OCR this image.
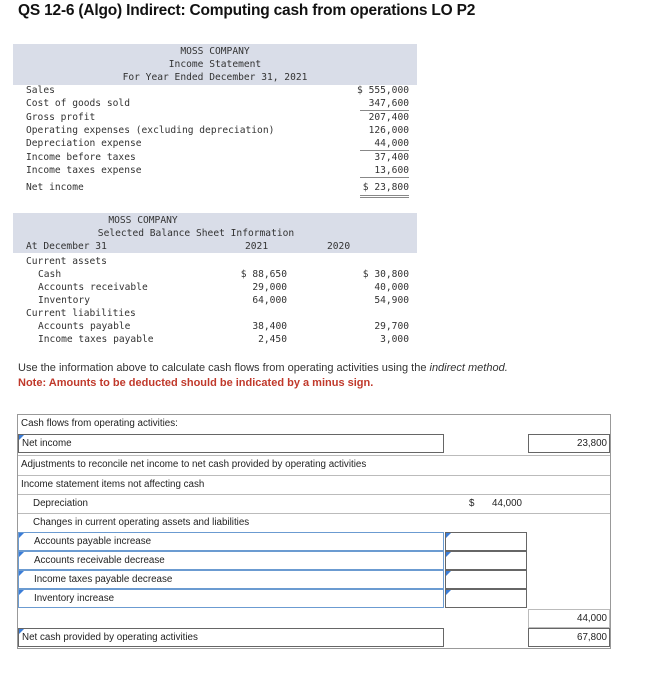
QS 12-6 (Algo) Indirect: Computing cash from operations LO P2
MOSS COMPANY
Income Statement
For Year Ended December 31, 2021
Sales	$ 555,000
Cost of goods sold	347,600
Gross profit	207,400
Operating expenses (excluding depreciation)	126,000
Depreciation expense	44,000
Income before taxes	37,400
Income taxes expense	13,600
Net income	$ 23,800
MOSS COMPANY
Selected Balance Sheet Information
At December 31	2021	2020
Current assets
Cash	$ 88,650	$ 30,800
Accounts receivable	29,000	40,000
Inventory	64,000	54,900
Current liabilities
Accounts payable	38,400	29,700
Income taxes payable	2,450	3,000
Use the information above to calculate cash flows from operating activities using the indirect method.
Note: Amounts to be deducted should be indicated by a minus sign.
Cash flows from operating activities:
Net income	23,800
Adjustments to reconcile net income to net cash provided by operating activities
Income statement items not affecting cash
Depreciation	$ 44,000
Changes in current operating assets and liabilities
Accounts payable increase
Accounts receivable decrease
Income taxes payable decrease
Inventory increase
44,000
Net cash provided by operating activities	67,800
